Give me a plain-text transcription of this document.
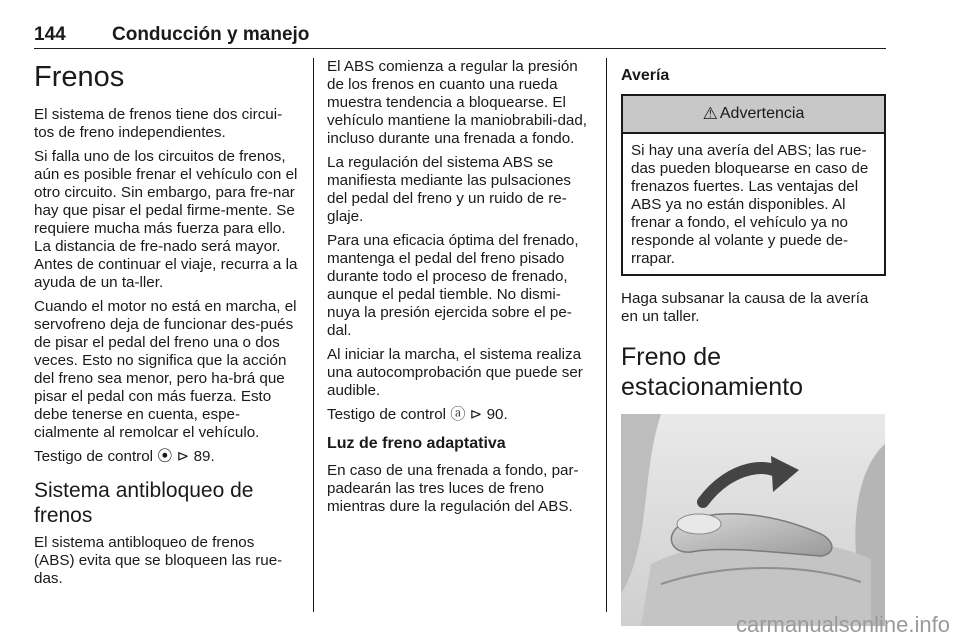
144 Conducción y manejo
Frenos

El sistema de frenos tiene dos circui-tos de freno independientes.

Si falla uno de los circuitos de frenos, aún es posible frenar el vehículo con el otro circuito. Sin embargo, para fre-nar hay que pisar el pedal firme-mente. Se requiere mucha más fuerza para ello. La distancia de fre-nado será mayor. Antes de continuar el viaje, recurra a la ayuda de un ta-ller.

Cuando el motor no está en marcha, el servofreno deja de funcionar des-pués de pisar el pedal del freno una o dos veces. Esto no significa que la acción del freno sea menor, pero ha-brá que pisar el pedal con más fuerza. Esto debe tenerse en cuenta, espe-cialmente al remolcar el vehículo.

Testigo de control ⦿ ⊳ 89.

Sistema antibloqueo de frenos

El sistema antibloqueo de frenos (ABS) evita que se bloqueen las rue-das.

El ABS comienza a regular la presión de los frenos en cuanto una rueda muestra tendencia a bloquearse. El vehículo mantiene la maniobrabili-dad, incluso durante una frenada a fondo.

La regulación del sistema ABS se manifiesta mediante las pulsaciones del pedal del freno y un ruido de re-glaje.

Para una eficacia óptima del frenado, mantenga el pedal del freno pisado durante todo el proceso de frenado, aunque el pedal tiemble. No dismi-nuya la presión ejercida sobre el pe-dal.

Al iniciar la marcha, el sistema realiza una autocomprobación que puede ser audible.

Testigo de control ⓐ ⊳ 90.

Luz de freno adaptativa

En caso de una frenada a fondo, par-padearán las tres luces de freno mientras dure la regulación del ABS.

Avería
⚠ Advertencia

Si hay una avería del ABS; las rue-das pueden bloquearse en caso de frenazos fuertes. Las ventajas del ABS ya no están disponibles. Al frenar a fondo, el vehículo ya no responde al volante y puede de-rrapar.

Haga subsanar la causa de la avería en un taller.

Freno de estacionamiento
carmanualsonline.info
